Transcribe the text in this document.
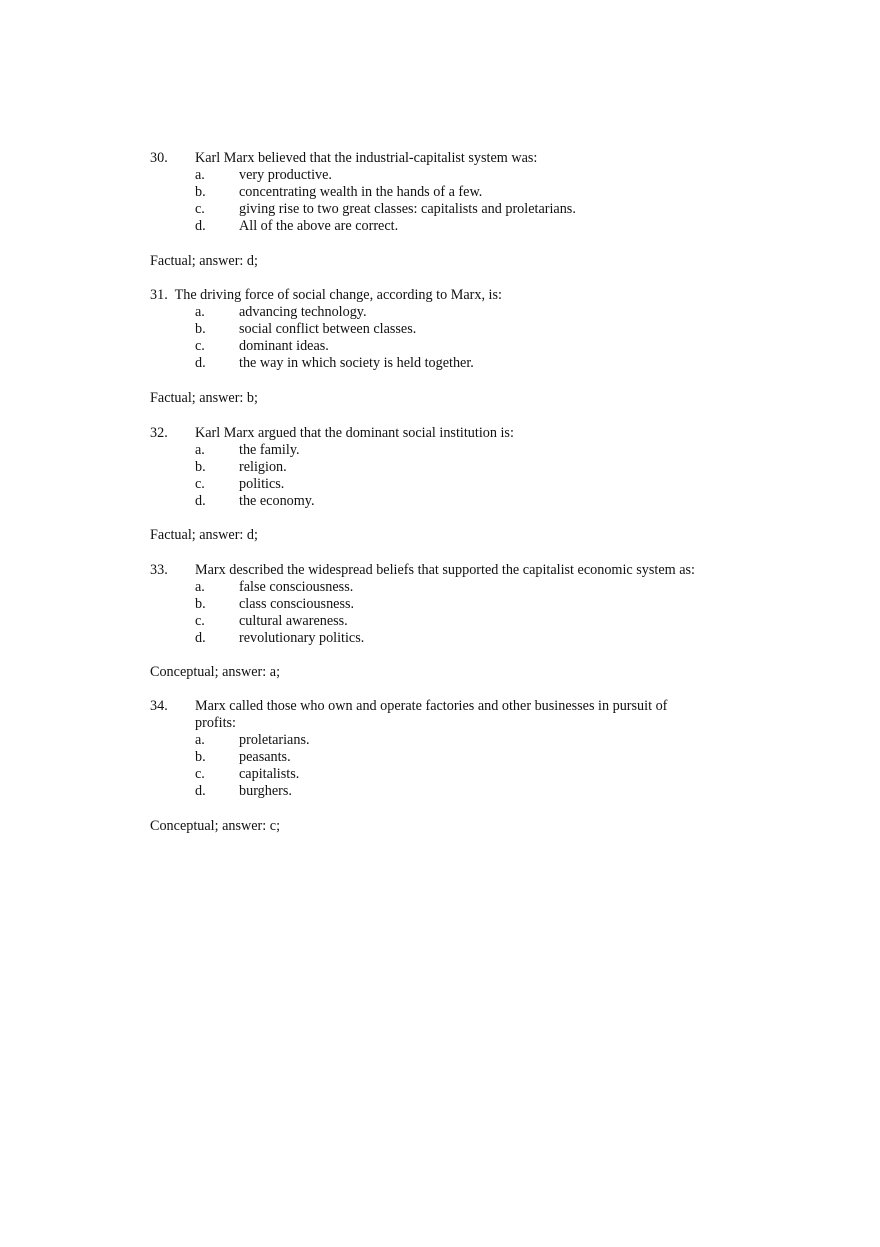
30. Karl Marx believed that the industrial-capitalist system was:
a. very productive.
b. concentrating wealth in the hands of a few.
c. giving rise to two great classes: capitalists and proletarians.
d. All of the above are correct.
Factual; answer: d;
31.  The driving force of social change, according to Marx, is:
a. advancing technology.
b. social conflict between classes.
c. dominant ideas.
d. the way in which society is held together.
Factual; answer: b;
32. Karl Marx argued that the dominant social institution is:
a. the family.
b. religion.
c. politics.
d. the economy.
Factual; answer: d;
33. Marx described the widespread beliefs that supported the capitalist economic system as:
a. false consciousness.
b. class consciousness.
c. cultural awareness.
d. revolutionary politics.
Conceptual; answer: a;
34. Marx called those who own and operate factories and other businesses in pursuit of
profits:
a. proletarians.
b. peasants.
c. capitalists.
d. burghers.
Conceptual; answer: c;
